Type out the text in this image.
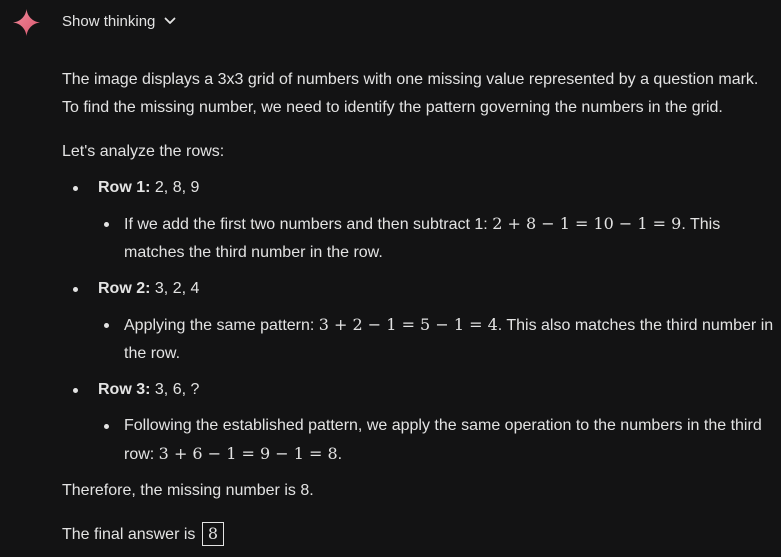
Show thinking

The image displays a 3x3 grid of numbers with one missing value represented by a question mark. To find the missing number, we need to identify the pattern governing the numbers in the grid.

Let's analyze the rows:

Row 1: 2, 8, 9
If we add the first two numbers and then subtract 1: 2 + 8 − 1 = 10 − 1 = 9. This matches the third number in the row.
Row 2: 3, 2, 4
Applying the same pattern: 3 + 2 − 1 = 5 − 1 = 4. This also matches the third number in the row.
Row 3: 3, 6, ?
Following the established pattern, we apply the same operation to the numbers in the third row: 3 + 6 − 1 = 9 − 1 = 8.

Therefore, the missing number is 8.

The final answer is 8
